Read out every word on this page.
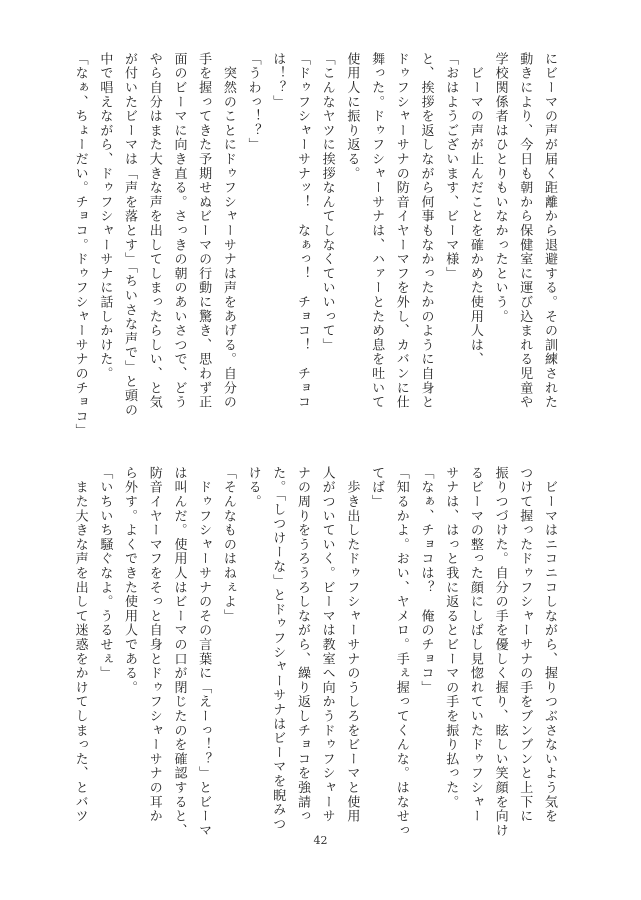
にビーマの声が届く距離から退避する。その訓練された
動きにより、今日も朝から保健室に運び込まれる児童や
学校関係者はひとりもいなかったという。
　ビーマの声が止んだことを確かめた使用人は、
「おはようございます、ビーマ様」
と、挨拶を返しながら何事もなかったかのように自身と
ドゥフシャーサナの防音イヤーマフを外し、カバンに仕
舞った。ドゥフシャーサナは、ハァーとため息を吐いて
使用人に振り返る。
「こんなヤツに挨拶なんてしなくていいって」
「ドゥフシャーサナッ！　なぁっ！　チョコ！　チョコ
は！？」
「うわっ！？」
　突然のことにドゥフシャーサナは声をあげる。自分の
手を握ってきた予期せぬビーマの行動に驚き、思わず正
面のビーマに向き直る。さっきの朝のあいさつで、どう
やら自分はまた大きな声を出してしまったらしい、と気
が付いたビーマは「声を落とす」「ちいさな声で」と頭の
中で唱えながら、ドゥフシャーサナに話しかけた。
「なぁ、ちょーだい。チョコ。ドゥフシャーサナのチョコ」
　ビーマはニコニコしながら、握りつぶさないよう気を
つけて握ったドゥフシャーサナの手をブンブンと上下に
振りつづけた。自分の手を優しく握り、眩しい笑顔を向け
るビーマの整った顔にしばし見惚れていたドゥフシャー
サナは、はっと我に返るとビーマの手を振り払った。
「なぁ、チョコは？　俺のチョコ」
「知るかよ。おい、ヤメロ。手ぇ握ってくんな。はなせっ
てば」
　歩き出したドゥフシャーサナのうしろをビーマと使用
人がついていく。ビーマは教室へ向かうドゥフシャーサ
ナの周りをうろうろしながら、繰り返しチョコを強請っ
た。「しつけーな」とドゥフシャーサナはビーマを睨みつ
ける。
「そんなものはねぇよ」
　ドゥフシャーサナのその言葉に「えーっ！？」とビーマ
は叫んだ。使用人はビーマの口が閉じたのを確認すると、
防音イヤーマフをそっと自身とドゥフシャーサナの耳か
ら外す。よくできた使用人である。
「いちいち騒ぐなよ。うるせぇ」
　また大きな声を出して迷惑をかけてしまった、とバツ
42
